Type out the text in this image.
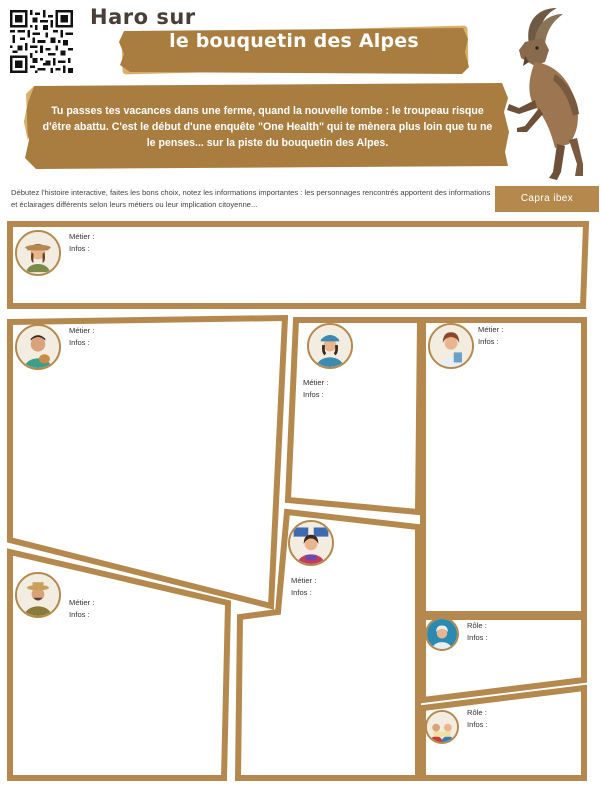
Haro sur
le bouquetin des Alpes
Tu passes tes vacances dans une ferme, quand la nouvelle tombe : le troupeau risque d'être abattu. C'est le début d'une enquête "One Health" qui te mènera plus loin que tu ne le penses... sur la piste du bouquetin des Alpes.
Capra ibex
Débutez l'histoire interactive, faites les bons choix, notez les informations importantes : les personnages rencontrés apportent des informations et éclairages différents selon leurs métiers ou leur implication citoyenne...
Métier :
Infos :
Métier :
Infos :
Métier :
Infos :
Métier :
Infos :
Métier :
Infos :
Métier :
Infos :
Rôle :
Infos :
Rôle :
Infos :
